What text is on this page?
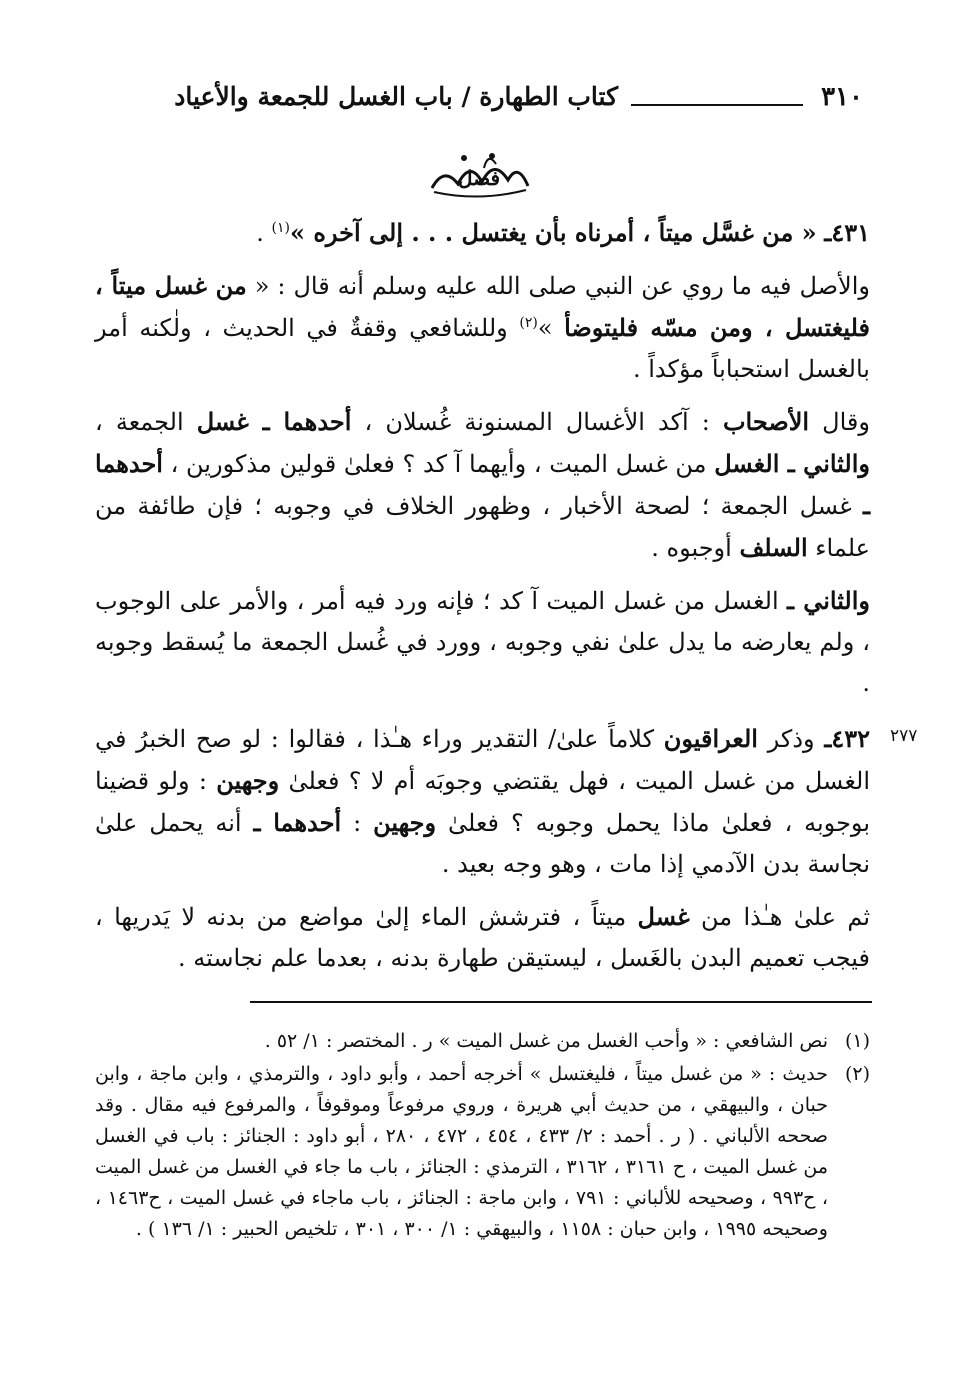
٣١٠
كتاب الطهارة / باب الغسل للجمعة والأعياد
فصل
٢٧٧

٤٣١ـ « من غسَّل ميتاً ، أمرناه بأن يغتسل . . . إلى آخره »$^{(١)}$ .

والأصل فيه ما روي عن النبي صلى الله عليه وسلم أنه قال : « من غسل ميتاً ، فليغتسل ، ومن مسّه فليتوضأ »$^{(٢)}$ وللشافعي وقفةٌ في الحديث ، ولٰكنه أمر بالغسل استحباباً مؤكداً .

وقال الأصحاب : آكد الأغسال المسنونة غُسلان ، أحدهما ـ غسل الجمعة ، والثاني ـ الغسل من غسل الميت ، وأيهما آ كد ؟ فعلىٰ قولين مذكورين ، أحدهما ـ غسل الجمعة ؛ لصحة الأخبار ، وظهور الخلاف في وجوبه ؛ فإن طائفة من علماء السلف أوجبوه .

والثاني ـ الغسل من غسل الميت آ كد ؛ فإنه ورد فيه أمر ، والأمر على الوجوب ، ولم يعارضه ما يدل علىٰ نفي وجوبه ، وورد في غُسل الجمعة ما يُسقط وجوبه .

٤٣٢ـ وذكر العراقيون كلاماً علىٰ/ التقدير وراء هـٰذا ، فقالوا : لو صح الخبرُ في الغسل من غسل الميت ، فهل يقتضي وجوبَه أم لا ؟ فعلىٰ وجهين : ولو قضينا بوجوبه ، فعلىٰ ماذا يحمل وجوبه ؟ فعلىٰ وجهين : أحدهما ـ أنه يحمل علىٰ نجاسة بدن الآدمي إذا مات ، وهو وجه بعيد .

ثم علىٰ هـٰذا من غسل ميتاً ، فترشش الماء إلىٰ مواضع من بدنه لا يَدريها ، فيجب تعميم البدن بالغَسل ، ليستيقن طهارة بدنه ، بعدما علم نجاسته .

(١)
نص الشافعي : « وأحب الغسل من غسل الميت » ر . المختصر : ١/ ٥٢ .
(٢)
حديث : « من غسل ميتاً ، فليغتسل » أخرجه أحمد ، وأبو داود ، والترمذي ، وابن ماجة ، وابن حبان ، والبيهقي ، من حديث أبي هريرة ، وروي مرفوعاً وموقوفاً ، والمرفوع فيه مقال . وقد صححه الألباني . ( ر . أحمد : ٢/ ٤٣٣ ، ٤٥٤ ، ٤٧٢ ، ٢٨٠ ، أبو داود : الجنائز : باب في الغسل من غسل الميت ، ح ٣١٦١ ، ٣١٦٢ ، الترمذي : الجنائز ، باب ما جاء في الغسل من غسل الميت ، ح٩٩٣ ، وصحيحه للألباني : ٧٩١ ، وابن ماجة : الجنائز ، باب ماجاء في غسل الميت ، ح١٤٦٣ ، وصحيحه ١٩٩٥ ، وابن حبان : ١١٥٨ ، والبيهقي : ١/ ٣٠٠ ، ٣٠١ ، تلخيص الحبير : ١/ ١٣٦ ) .
